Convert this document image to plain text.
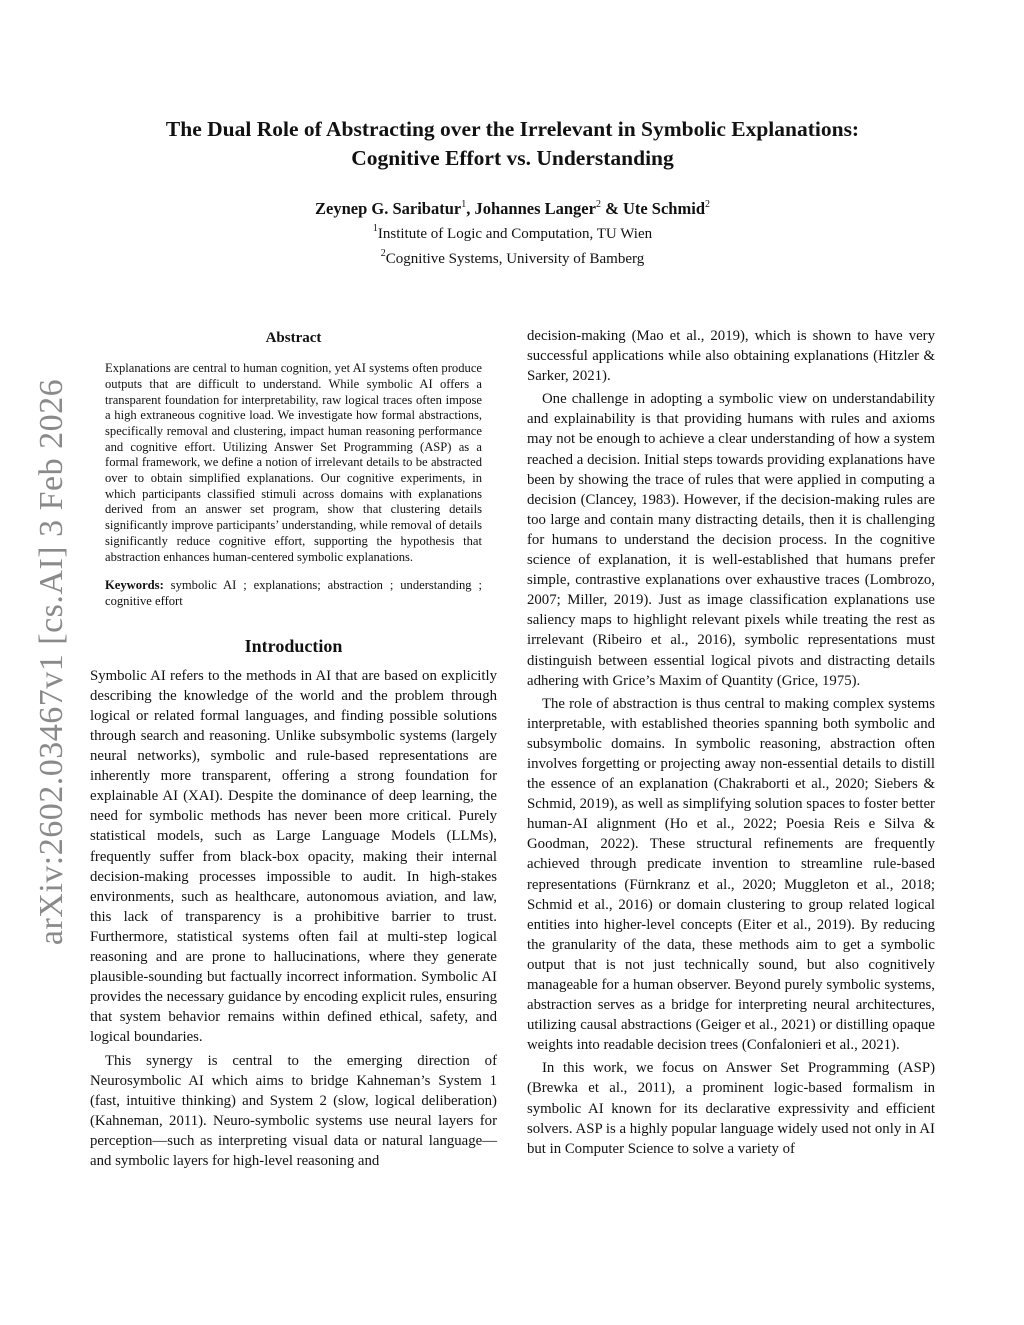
arXiv:2602.03467v1 [cs.AI] 3 Feb 2026
The Dual Role of Abstracting over the Irrelevant in Symbolic Explanations:
Cognitive Effort vs. Understanding
Zeynep G. Saribatur$^1$, Johannes Langer$^2$ & Ute Schmid$^2$
$^1$Institute of Logic and Computation, TU Wien
$^2$Cognitive Systems, University of Bamberg
Abstract

Explanations are central to human cognition, yet AI systems often produce outputs that are difficult to understand. While symbolic AI offers a transparent foundation for interpretability, raw logical traces often impose a high extraneous cognitive load. We investigate how formal abstractions, specifically removal and clustering, impact human reasoning performance and cognitive effort. Utilizing Answer Set Programming (ASP) as a formal framework, we define a notion of irrelevant details to be abstracted over to obtain simplified explanations. Our cognitive experiments, in which participants classified stimuli across domains with explanations derived from an answer set program, show that clustering details significantly improve participants’ understanding, while removal of details significantly reduce cognitive effort, supporting the hypothesis that abstraction enhances human-centered symbolic explanations.

Keywords: symbolic AI ; explanations; abstraction ; understanding ; cognitive effort

Introduction

Symbolic AI refers to the methods in AI that are based on explicitly describing the knowledge of the world and the problem through logical or related formal languages, and finding possible solutions through search and reasoning. Unlike subsymbolic systems (largely neural networks), symbolic and rule-based representations are inherently more transparent, offering a strong foundation for explainable AI (XAI). Despite the dominance of deep learning, the need for symbolic methods has never been more critical. Purely statistical models, such as Large Language Models (LLMs), frequently suffer from black-box opacity, making their internal decision-making processes impossible to audit. In high-stakes environments, such as healthcare, autonomous aviation, and law, this lack of transparency is a prohibitive barrier to trust. Furthermore, statistical systems often fail at multi-step logical reasoning and are prone to hallucinations, where they generate plausible-sounding but factually incorrect information. Symbolic AI provides the necessary guidance by encoding explicit rules, ensuring that system behavior remains within defined ethical, safety, and logical boundaries.

This synergy is central to the emerging direction of Neurosymbolic AI which aims to bridge Kahneman’s System 1 (fast, intuitive thinking) and System 2 (slow, logical deliberation) (Kahneman, 2011). Neuro-symbolic systems use neural layers for perception—such as interpreting visual data or natural language—and symbolic layers for high-level reasoning and

decision-making (Mao et al., 2019), which is shown to have very successful applications while also obtaining explanations (Hitzler & Sarker, 2021).

One challenge in adopting a symbolic view on understandability and explainability is that providing humans with rules and axioms may not be enough to achieve a clear understanding of how a system reached a decision. Initial steps towards providing explanations have been by showing the trace of rules that were applied in computing a decision (Clancey, 1983). However, if the decision-making rules are too large and contain many distracting details, then it is challenging for humans to understand the decision process. In the cognitive science of explanation, it is well-established that humans prefer simple, contrastive explanations over exhaustive traces (Lombrozo, 2007; Miller, 2019). Just as image classification explanations use saliency maps to highlight relevant pixels while treating the rest as irrelevant (Ribeiro et al., 2016), symbolic representations must distinguish between essential logical pivots and distracting details adhering with Grice’s Maxim of Quantity (Grice, 1975).

The role of abstraction is thus central to making complex systems interpretable, with established theories spanning both symbolic and subsymbolic domains. In symbolic reasoning, abstraction often involves forgetting or projecting away non-essential details to distill the essence of an explanation (Chakraborti et al., 2020; Siebers & Schmid, 2019), as well as simplifying solution spaces to foster better human-AI alignment (Ho et al., 2022; Poesia Reis e Silva & Goodman, 2022). These structural refinements are frequently achieved through predicate invention to streamline rule-based representations (Fürnkranz et al., 2020; Muggleton et al., 2018; Schmid et al., 2016) or domain clustering to group related logical entities into higher-level concepts (Eiter et al., 2019). By reducing the granularity of the data, these methods aim to get a symbolic output that is not just technically sound, but also cognitively manageable for a human observer. Beyond purely symbolic systems, abstraction serves as a bridge for interpreting neural architectures, utilizing causal abstractions (Geiger et al., 2021) or distilling opaque weights into readable decision trees (Confalonieri et al., 2021).

In this work, we focus on Answer Set Programming (ASP) (Brewka et al., 2011), a prominent logic-based formalism in symbolic AI known for its declarative expressivity and efficient solvers. ASP is a highly popular language widely used not only in AI but in Computer Science to solve a variety of
